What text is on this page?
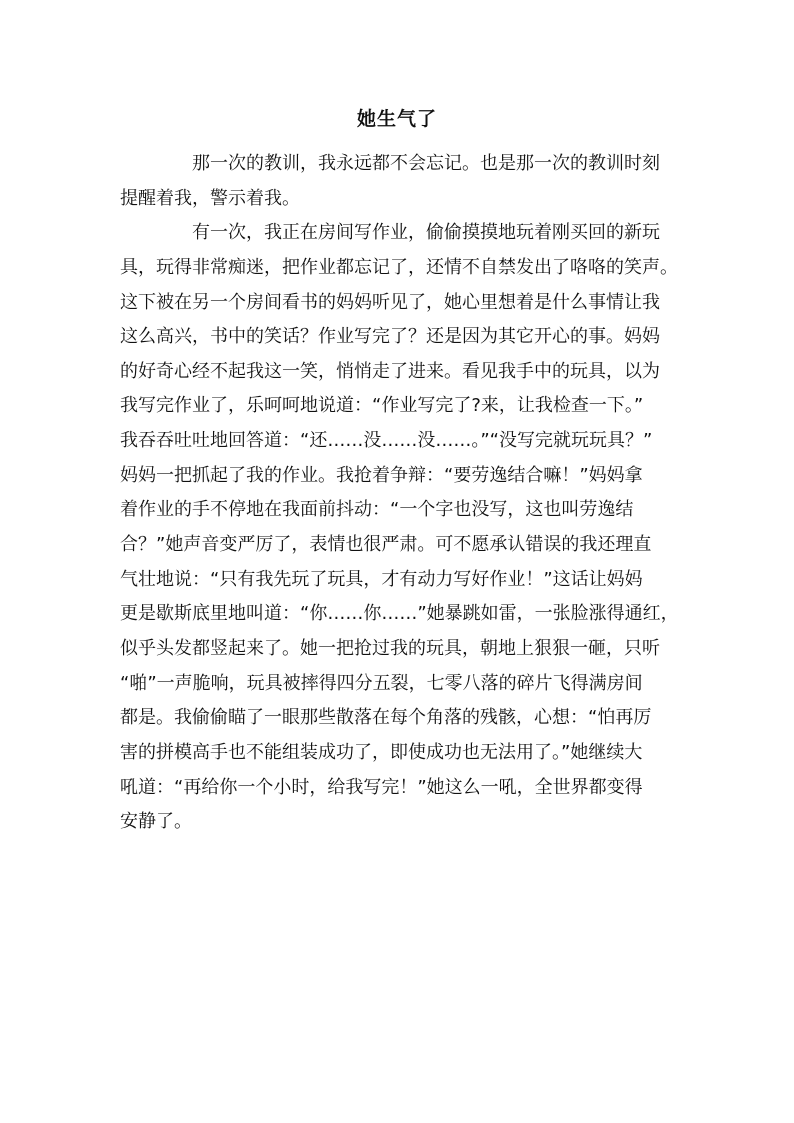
她生气了
那一次的教训，我永远都不会忘记。也是那一次的教训时刻
提醒着我，警示着我。
有一次，我正在房间写作业，偷偷摸摸地玩着刚买回的新玩
具，玩得非常痴迷，把作业都忘记了，还情不自禁发出了咯咯的笑声。
这下被在另一个房间看书的妈妈听见了，她心里想着是什么事情让我
这么高兴，书中的笑话？作业写完了？还是因为其它开心的事。妈妈
的好奇心经不起我这一笑，悄悄走了进来。看见我手中的玩具，以为
我写完作业了，乐呵呵地说道：“作业写完了?来，让我检查一下。”
我吞吞吐吐地回答道：“还……没……没……。”“没写完就玩玩具？”
妈妈一把抓起了我的作业。我抢着争辩：“要劳逸结合嘛！”妈妈拿
着作业的手不停地在我面前抖动：“一个字也没写，这也叫劳逸结
合？”她声音变严厉了，表情也很严肃。可不愿承认错误的我还理直
气壮地说：“只有我先玩了玩具，才有动力写好作业！”这话让妈妈
更是歇斯底里地叫道：“你……你……”她暴跳如雷，一张脸涨得通红，
似乎头发都竖起来了。她一把抢过我的玩具，朝地上狠狠一砸，只听
“啪”一声脆响，玩具被摔得四分五裂，七零八落的碎片飞得满房间
都是。我偷偷瞄了一眼那些散落在每个角落的残骸，心想：“怕再厉
害的拼模高手也不能组装成功了，即使成功也无法用了。”她继续大
吼道：“再给你一个小时，给我写完！”她这么一吼，全世界都变得
安静了。
